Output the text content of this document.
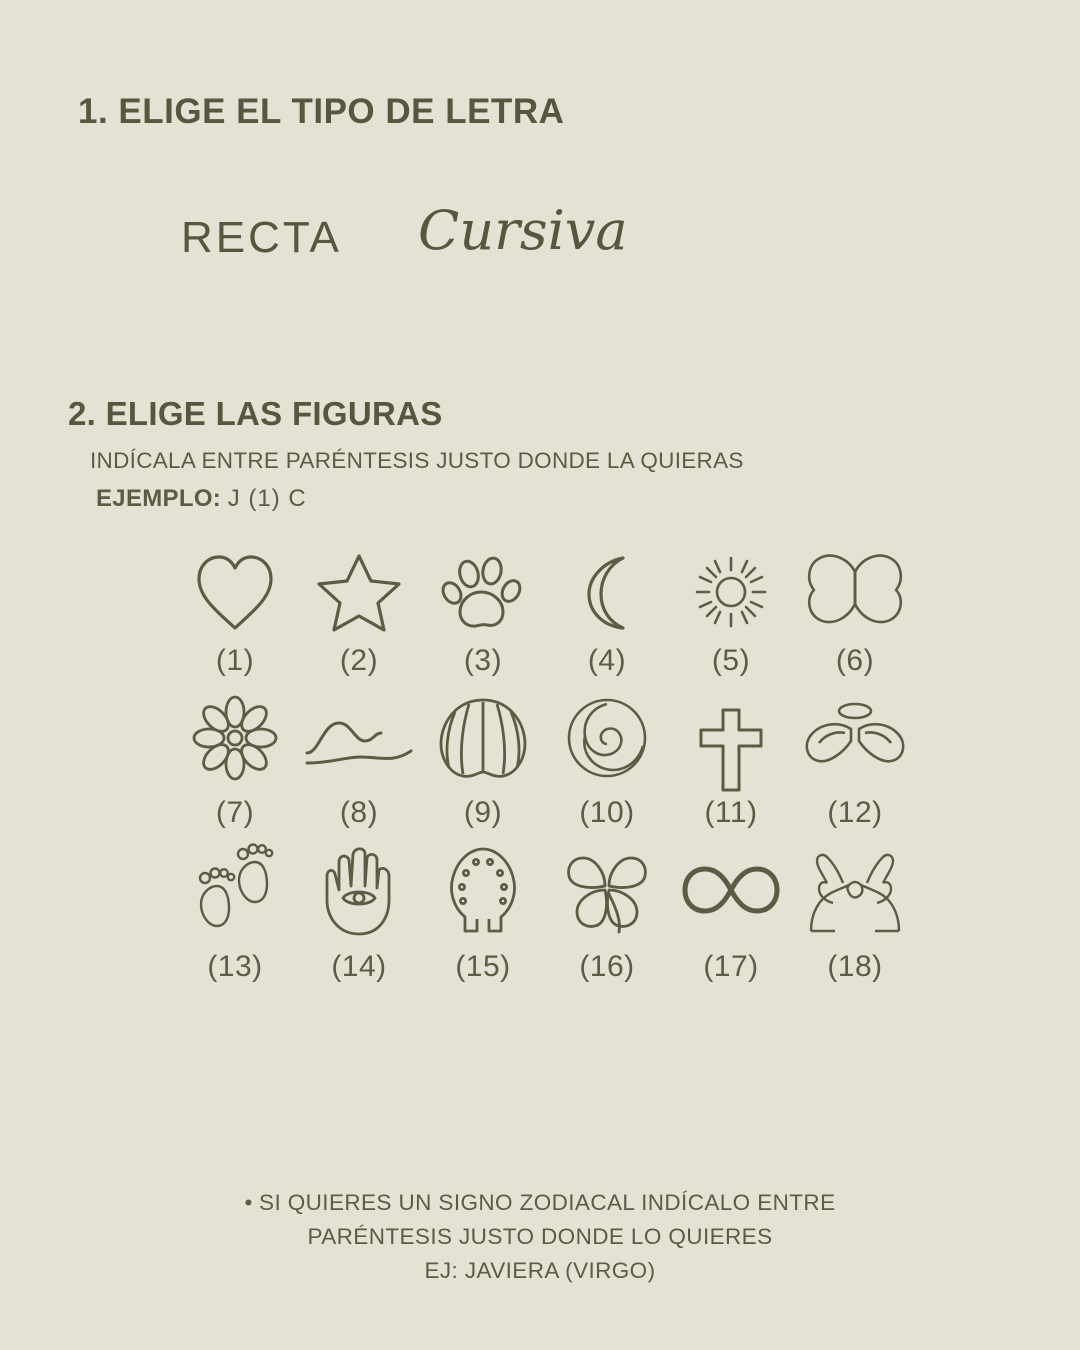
1. ELIGE EL TIPO DE LETRA
RECTA Cursiva
2. ELIGE LAS FIGURAS
INDÍCALA ENTRE PARÉNTESIS JUSTO DONDE LA QUIERAS
EJEMPLO: J (1) C
(1)	(2)	(3)	(4)	(5)	(6)
(7)	(8)	(9)	(10) (11) (12)
(13) (14) (15) (16) (17) (18)
• SI QUIERES UN SIGNO ZODIACAL INDÍCALO ENTRE
PARÉNTESIS JUSTO DONDE LO QUIERES
EJ: JAVIERA (VIRGO)
